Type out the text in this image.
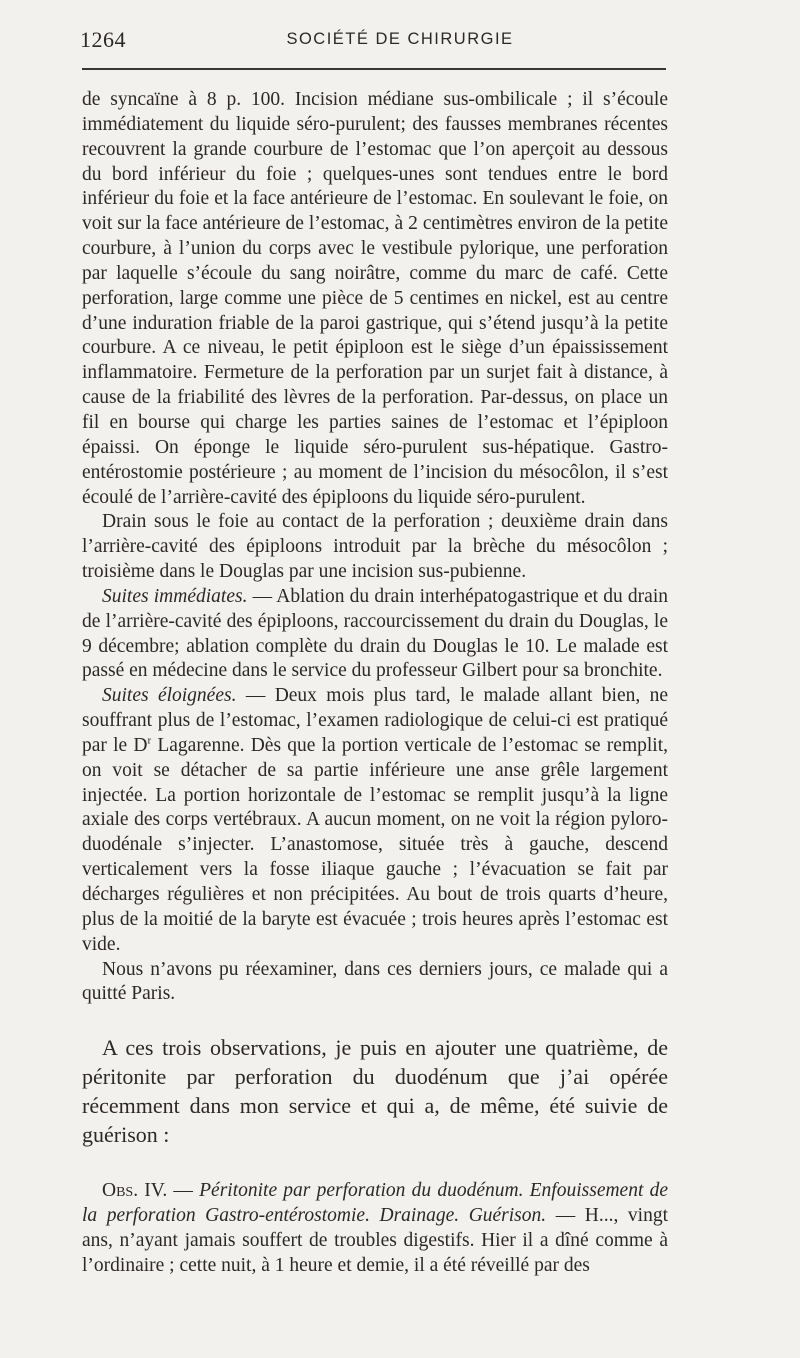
1264	SOCIÉTÉ DE CHIRURGIE

de syncaïne à 8 p. 100. Incision médiane sus-ombilicale ; il s’écoule immédiatement du liquide séro-purulent; des fausses membranes récentes recouvrent la grande courbure de l’estomac que l’on aperçoit au dessous du bord inférieur du foie ; quelques-unes sont tendues entre le bord inférieur du foie et la face antérieure de l’estomac. En soulevant le foie, on voit sur la face antérieure de l’estomac, à 2 centimètres environ de la petite courbure, à l’union du corps avec le vestibule pylorique, une perforation par laquelle s’écoule du sang noirâtre, comme du marc de café. Cette perforation, large comme une pièce de 5 centimes en nickel, est au centre d’une induration friable de la paroi gastrique, qui s’étend jusqu’à la petite courbure. A ce niveau, le petit épiploon est le siège d’un épaississement inflammatoire. Fermeture de la perforation par un surjet fait à distance, à cause de la friabilité des lèvres de la perforation. Par-dessus, on place un fil en bourse qui charge les parties saines de l’estomac et l’épiploon épaissi. On éponge le liquide séro-purulent sus-hépatique. Gastro-entérostomie postérieure ; au moment de l’incision du mésocôlon, il s’est écoulé de l’arrière-cavité des épiploons du liquide séro-purulent.

Drain sous le foie au contact de la perforation ; deuxième drain dans l’arrière-cavité des épiploons introduit par la brèche du mésocôlon ; troisième dans le Douglas par une incision sus-pubienne.

Suites immédiates. — Ablation du drain interhépatogastrique et du drain de l’arrière-cavité des épiploons, raccourcissement du drain du Douglas, le 9 décembre; ablation complète du drain du Douglas le 10. Le malade est passé en médecine dans le service du professeur Gilbert pour sa bronchite.

Suites éloignées. — Deux mois plus tard, le malade allant bien, ne souffrant plus de l’estomac, l’examen radiologique de celui-ci est pratiqué par le $D^r$ Lagarenne. Dès que la portion verticale de l’estomac se remplit, on voit se détacher de sa partie inférieure une anse grêle largement injectée. La portion horizontale de l’estomac se remplit jusqu’à la ligne axiale des corps vertébraux. A aucun moment, on ne voit la région pyloro-duodénale s’injecter. L’anastomose, située très à gauche, descend verticalement vers la fosse iliaque gauche ; l’évacuation se fait par décharges régulières et non précipitées. Au bout de trois quarts d’heure, plus de la moitié de la baryte est évacuée ; trois heures après l’estomac est vide.

Nous n’avons pu réexaminer, dans ces derniers jours, ce malade qui a quitté Paris.

A ces trois observations, je puis en ajouter une quatrième, de péritonite par perforation du duodénum que j’ai opérée récemment dans mon service et qui a, de même, été suivie de guérison :

Obs. IV. — Péritonite par perforation du duodénum. Enfouissement de la perforation Gastro-entérostomie. Drainage. Guérison. — H..., vingt ans, n’ayant jamais souffert de troubles digestifs. Hier il a dîné comme à l’ordinaire ; cette nuit, à 1 heure et demie, il a été réveillé par des
